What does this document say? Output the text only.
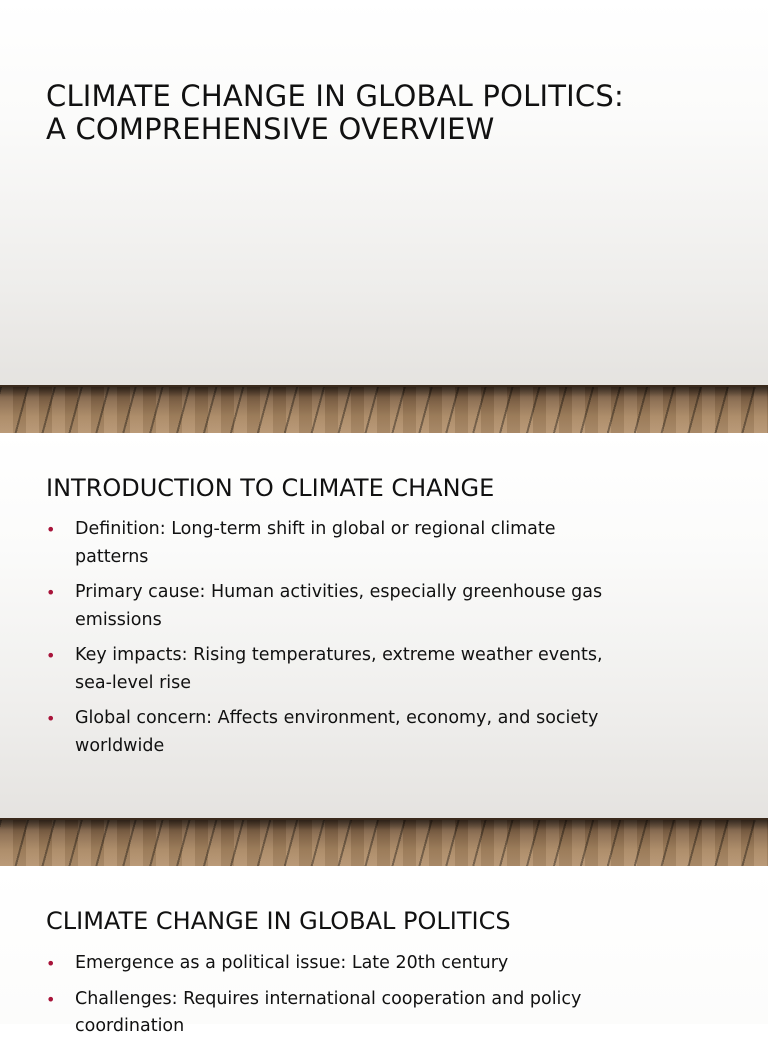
CLIMATE CHANGE IN GLOBAL POLITICS:
A COMPREHENSIVE OVERVIEW
INTRODUCTION TO CLIMATE CHANGE
• Definition: Long-term shift in global or regional climate
patterns
• Primary cause: Human activities, especially greenhouse gas
emissions
• Key impacts: Rising temperatures, extreme weather events,
sea-level rise
• Global concern: Affects environment, economy, and society
worldwide
CLIMATE CHANGE IN GLOBAL POLITICS
• Emergence as a political issue: Late 20th century
• Challenges: Requires international cooperation and policy
coordination
